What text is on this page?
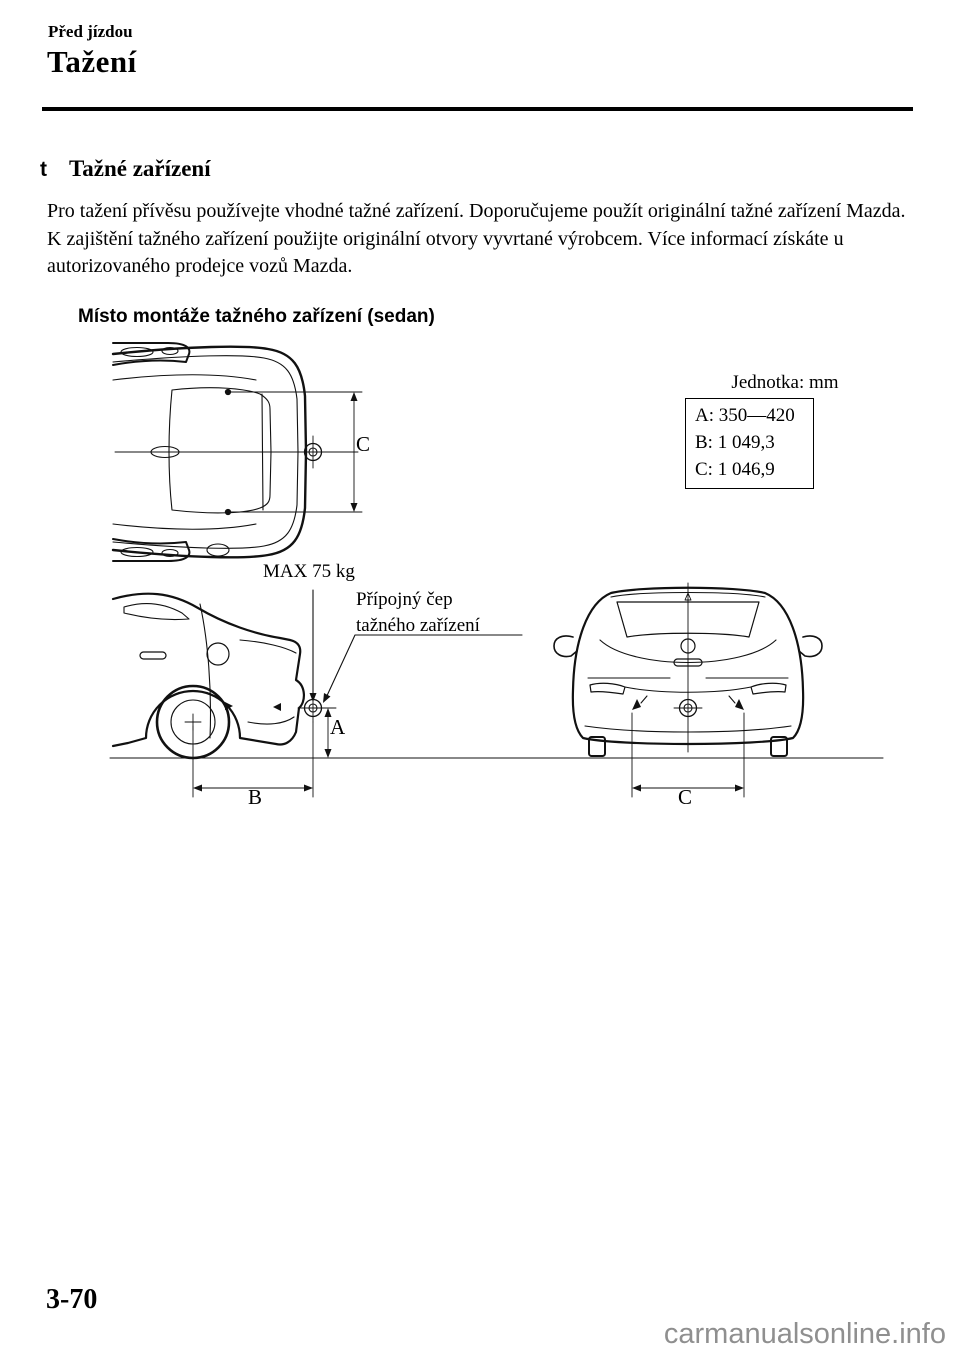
Před jízdou
Tažení
t Tažné zařízení
Pro tažení přívěsu používejte vhodné tažné zařízení. Doporučujeme použít originální tažné zařízení Mazda. K zajištění tažného zařízení použijte originální otvory vyvrtané výrobcem. Více informací získáte u autorizovaného prodejce vozů Mazda.
Místo montáže tažného zařízení (sedan)
Jednotka: mm
A: 350—420
B: 1 049,3
C: 1 046,9
MAX 75 kg
Přípojný čep
tažného zařízení
C
A
B	C
3-70
carmanualsonline.info
